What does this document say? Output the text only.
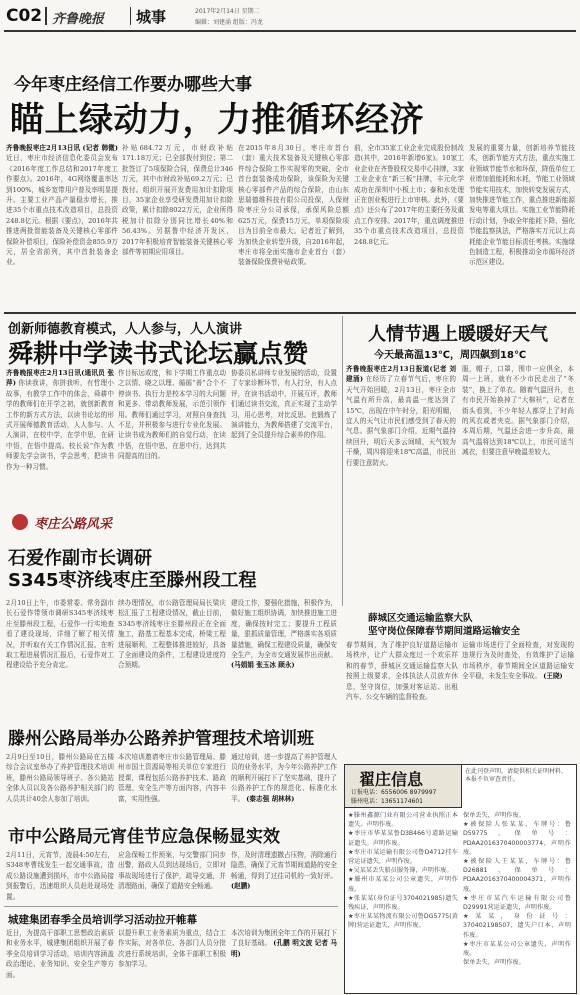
C02 齐鲁晚报 城事	2017年2月14日 星期二
编辑：刘建涌 组版：冯龙
今年枣庄经信工作要办哪些大事
瞄上绿动力，力推循环经济
齐鲁晚报枣庄2月13日讯 (记者 韩微) 近日，枣庄市经济信息化委员会发布《2016年度工作总结和2017年度工作要点》。2016年，4G网络覆盖率达到100%，城乡宽带用户普及率明显提升。主要工业产品产量稳步增长，推进35个市重点技术改造项目，总投资248.8亿元。根据《要点》，2016年共推进两批智能装备及关键核心零部件保险补偿项目，保险补偿资金855.9万元，居全省前列，其中首批装备企业。
补贴684.72万元，市财政补贴171.18万元；已全部拨付到位；第二批签订了5项保险合同，保费总计346万元，其中市财政补贴69.2万元；已拨付。组织开展开发费用加计扣除项目，35家企业享受研发费用加计扣除政策，累计扣除8022万元，企业所得税加计扣除分别同比增长40%和56.43%。另据鲁中经济开发区，2017年积极培育智能装备关键核心零部件等初期应用项目。
在2015年8月30日，枣庄市首台（套）重大技术装备及关键核心零部件综合保险工作实现零的突破，全市首台套装备成功保险，该保险为关键核心零部件产品的综合保险，由山东思瑞德维科技有限公司投保，人保财险枣庄分公司承保，承保风险总额625万元，保费15万元，单项保险项目为目前全市最大。记者近了解到，为加快企业转型升级，自2016年起，枣庄市将全面实施市企业首台（套）装备保险保费补贴政策。
前，全市35家工业企业完成股份制改造(其中，2016年新增6家)。10家工业企业在齐鲁股权交易中心挂牌，3家工业企业在“新三板”挂牌，丰元化学成功在深圳中小板上市；泰和水处理正在创业板进行上市审核。此外，《要点》还公布了2017年的主要任务及重点工作安排。2017年，重点调度推进35个市重点技术改造项目，总投资248.8亿元。
发展的重要力量，创新培养节能技术，创新节能方式方法，重点实施工业领域节能节水和环保，降低单位工业增加值能耗和水耗，节能工业领域节能实用技术，加快转变发展方式，加快推进节能工作，重点推进新能源发电等重大项目。实施工业节能降耗行动计划，争取全年能耗下降，强化节能监察执法，严格落实万元以上高耗能企业节能目标责任考核。实施绿色制造工程，积极推动全市循环经济示范区建设。
创新师德教育模式，人人参与，人人演讲
舜耕中学读书式论坛赢点赞
齐鲁晚报枣庄2月13日讯(通讯员 张萍) 你读我讲，你拼我听，有哲理小故事，有教学工作中的体会，舜耕中学的教师们在开学之初，就创新教育工作的新方式方法，以读书论坛的形式开展师德教育活动，人人参与、人人演讲，在校中学，在学中思，在研中悟，在悟中提高。校长说“作为教师要先学会读书，学会思考，把读书作为一种习惯。
作目标远或度，和下学期工作重点动之以情、晓之以理、循循“善”合个不停读书、执行力是校本学习的大问题和更多、带动教师发展，示范引领作用。教师们通过学习，对照自身查找不足，并积极参与进行专业化发展。让读书成为教师们的自觉行动，在读中悟，在悟中思，在思中行，达到共同提高的目的。
协委员私讲师专业发展的活动，设置了专家诊断环节，有人打分，有人点评，在读书活动中，开展互评，教师们通过读书交流，真正实现了主动学习，用心思考，对比反思。也锻炼了演讲能力，为教师搭建了交流平台，起到了全员提升综合素养的作用。
人情节遇上暖暖好天气
今天最高温13℃，周四飙到18℃
齐鲁晚报枣庄2月13日报道(记者 刘建涌) 在经历了立春节气后，枣庄的天气开始回暖，2月13日，枣庄全市气温有所升高，最高温一度达到了15℃，出现在中午时分，阳光明媚，宜人的天气让市民们感受到了春天的气息。据气象部门介绍，近期气温持续回升，明后天多云间晴，天气较为干燥，周四将迎来18℃高温，市民出行要注意防火。
服，帽子，口罩，围巾一应俱全，本周一上班，就有不少市民走出了“冬装”，换上了单衣。随着气温回升，也有市民开始换掉了“大棉袄”，记者在街头看到，不少年轻人都穿上了时尚的风衣或者夹克。据气象部门介绍，本周后期，气温还会进一步升高，最高气温将达到18℃以上，市民可适当减衣，但要注意早晚温差较大。
枣庄公路风采
石爱作副市长调研
S345枣济线枣庄至滕州段工程
2月10日上午，市委常委、常务副市长石爱作带领市调研S345枣济线枣庄至滕州段工程，石爱作一行实地查看了建设现场，详细了解了相关情况，并听取有关工作情况汇报。在听取工程进展情况汇报后，石爱作对工程建设给予充分肯定。
续办理情况，市公路管理局局长梁庆松汇报了工程建设情况，截止目前，S345枣济线枣庄至滕州段正在全面施工，路基工程基本完成，桥梁工程进展顺利，工程整体推进较好，具备了全面建设的条件，工程建设进度符合预期。
建设工作，要强化措施，积极作为，做好施工组织协调，加快推进施工进度，确保按时完工；要提升工程质量，狠抓质量管理，严格落实各项质量措施，确保工程建设质量，确保安全生产，为全市交通发展作出贡献。 (马娟娟 张玉冰 顾永)
薛城区交通运输监察大队
坚守岗位保障春节期间道路运输安全
春节期间，为了维护良好道路运输市场秩序，让广大群众度过一个欢乐祥和的春节，薛城区交通运输监察大队按照上级要求，全体执法人员放弃休息，坚守岗位，加强对客运站、出租汽车、公交车辆的监督检查。
运输市场进行了全面检查，对发现的违规行为及时查处，有效维护了运输市场秩序，春节期间全区道路运输安全平稳，未发生安全事故。 (王晓)
滕州公路局举办公路养护管理技术培训班
2月9日至10日，滕州公路局在五楼综合会议室举办了养护管理技术培训班，滕州公路局领导班子、各公路站全体人员以及各公路养护相关部门的人员共计40余人参加了培训。
本次培训邀请枣庄市公路管理局、滕州市国土资源局等相关单位专家进行授课，课程包括公路养护技术、路政管理、安全生产等方面内容，内容丰富，实用性强。
通过培训，进一步提高了养护管理人员的业务水平，为今年公路养护工作的顺利开展打下了坚实基础，提升了公路养护工作的规范化、标准化水平。 (秦志强 胡林林)
市中公路局元宵佳节应急保畅显实效
2月11日，元宵节，凌晨4:50左右，S348枣曹线发生一起交通事故，造成公路设施遭到损坏，市中公路局接到报警后，迅速组织人员赶赴现场处置。
应急保畅工作预案，与交警部门同步出警，路政人员到达现场后，立即对事故现场进行了保护，疏导交通，并清理路面，确保了道路安全畅通。
作，及时清理遗撒占压物，消除通行隐患，确保了元宵节期间道路的安全畅通，得到了过往司机的一致好评。 (赵鹏)
城建集团春季全员培训学习活动拉开帷幕
近日，为提高干部职工思想政治素质和业务水平，城建集团组织开展了春季全员培训学习活动，培训内容涵盖政治理论、业务知识、安全生产等方面。
以提升职工业务素质为重点，结合工作实际，对各单位、各部门人员分批次进行系统培训，全体干部职工积极参加学习。
本次培训为集团全年工作的开展打下了良好基础。 (孔鹏 明文波 记者 马明)
翟庄信息
订报电话：6556006 8979997
滕州电话：13651174601
在此刊登声明，请提供相关证明材料，本报不负审查责任。
★滕州鑫源门业有限公司营业执照正本遗失。声明作废。
★枣庄市华某某鲁D3B466号道路运输证遗失。声明作废。
★枣庄市某运输有限公司鲁D4712挂车营运证遗失，声明作废。
★吴某某丢失船员服务簿，声明作废。
★滕州市某某公司公章遗失，声明作废。
★张某某(身份证号3704021985)遗失残疾证，声明作废。
★枣庄某某物流有限公司鲁DG5775(黄牌)营运证遗失，声明作废。
保单丢失，声明作废。
★被保险人张某某，车牌号：鲁D59775，保单号：PDAA2016370400003774，声明作废。
★被保险人王某某，车牌号：鲁D26881，保单号：PDAA2016370400004371，声明作废。
★枣庄市某汽车运输有限公司鲁D29991营运证遗失，声明作废。
★某某，身份证号：370402198507，遗失户口本，声明作废。
★枣庄市某某公司公章遗失，声明作废。
保单丢失，声明作废。
